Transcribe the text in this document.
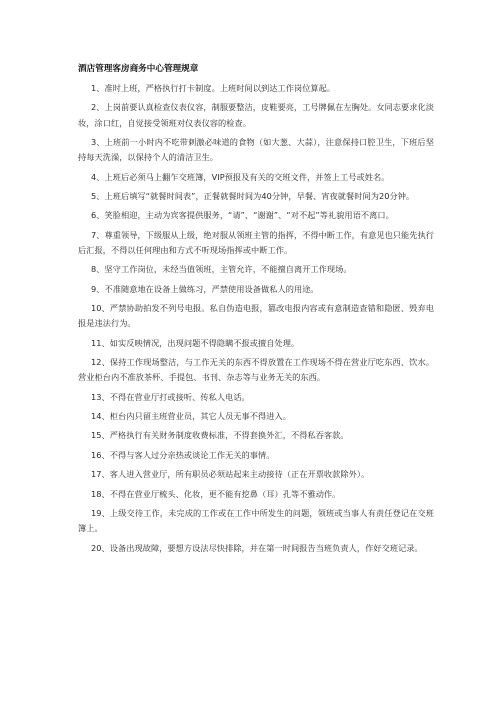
酒店管理客房商务中心管理规章

1、准时上班，严格执行打卡制度。上班时间以到达工作岗位算起。

2、上岗前要认真检查仪表仪容，制服要整洁，皮鞋要亮，工号牌佩在左胸处。女同志要求化淡妆，涂口红，自觉接受领班对仪表仪容的检查。

3、上班前一小时内不吃带刺激必味道的食物（如大葱、大蒜），注意保持口腔卫生，下班后坚持每天洗澡，以保持个人的清洁卫生。

4、上班后必须马上翻乍交班簿，VIP预报及有关的交班文件，并签上工号或姓名。

5、上班后填写“就餐时间表”，正餐就餐时间为40分钟，早餐、宵夜就餐时间为20分钟。

6、笑脸相迎，主动为宾客提供服务，“请”、“谢谢”、“对不起”等礼貌用语不离口。

7、尊重领导，下级服从上级，绝对服从领班主管的指挥，不得中断工作，有意见也只能先执行后汇报，不得以任何理由和方式不听现场指挥或中断工作。

8、坚守工作岗位，未经当值领班，主管允许，不能擅自离开工作现场。

9、不准随意地在设备上做练习，严禁使用设备做私人的用途。

10、严禁协助拍发不列号电报。私自伪造电报，篡改电报内容或有意制造查错和隐匿、毁弃电报是违法行为。

11、如实反映情况，出现问题不得隐瞒不报或擅自处理。

12、保持工作现场整洁，与工作无关的东西不得放置在工作现场不得在营业厅吃东西、饮水。营业柜台内不准放茶杯、手提包、书刊、杂志等与业务无关的东西。

13、不得在营业厅打或接听、传私人电话。

14、柜台内只留主班营业员，其它人员无事不得进入。

15、严格执行有关财务制度收费标准，不得套换外汇，不得私吞客款。

16、不得与客人过分亲热或谈论工作无关的事情。

17、客人进入营业厅，所有职员必须站起来主动接待（正在开票收款除外）。

18、不得在营业厅梳头、化妆，更不能有挖鼻（耳）孔等不雅动作。

19、上级交待工作，未完成的工作或在工作中所发生的问题，领班或当事人有责任登记在交班簿上。

20、设备出现故障，要想方设法尽快排除，并在第一时间报告当班负责人，作好交班记录。
